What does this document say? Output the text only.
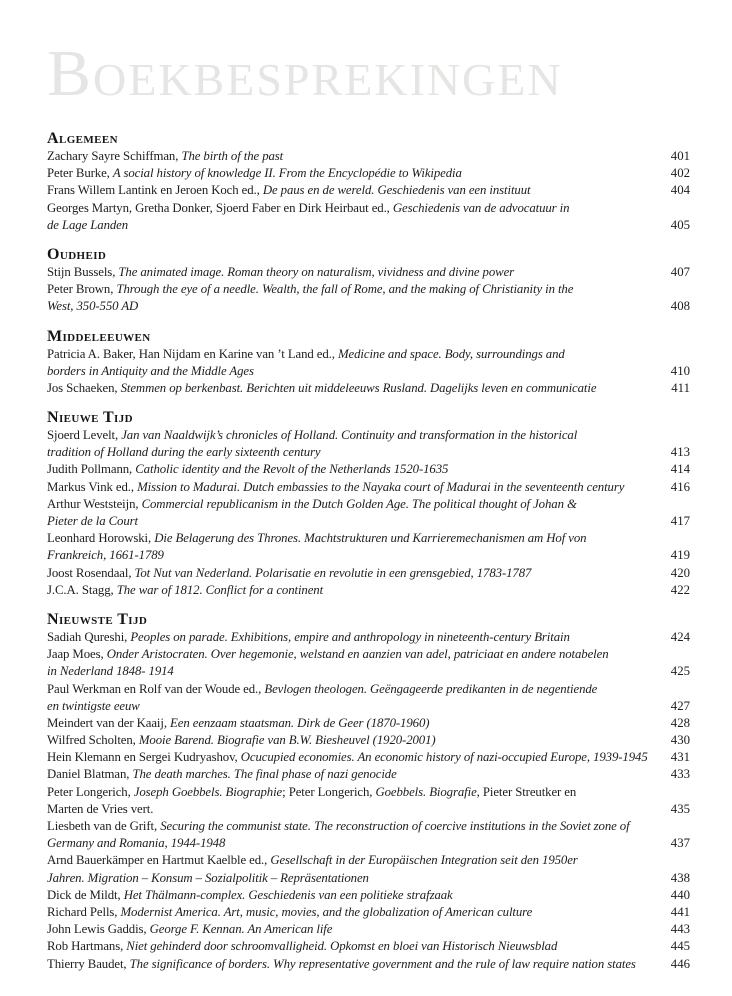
Boekbesprekingen
Algemeen
Zachary Sayre Schiffman, The birth of the past	401
Peter Burke, A social history of knowledge II. From the Encyclopédie to Wikipedia	402
Frans Willem Lantink en Jeroen Koch ed., De paus en de wereld. Geschiedenis van een instituut	404
Georges Martyn, Gretha Donker, Sjoerd Faber en Dirk Heirbaut ed., Geschiedenis van de advocatuur in
de Lage Landen	405
Oudheid
Stijn Bussels, The animated image. Roman theory on naturalism, vividness and divine power	407
Peter Brown, Through the eye of a needle. Wealth, the fall of Rome, and the making of Christianity in the
West, 350-550 AD	408
Middeleeuwen
Patricia A. Baker, Han Nijdam en Karine van ’t Land ed., Medicine and space. Body, surroundings and
borders in Antiquity and the Middle Ages	410
Jos Schaeken, Stemmen op berkenbast. Berichten uit middeleeuws Rusland. Dagelijks leven en communicatie	411
Nieuwe Tijd
Sjoerd Levelt, Jan van Naaldwijk’s chronicles of Holland. Continuity and transformation in the historical
tradition of Holland during the early sixteenth century	413
Judith Pollmann, Catholic identity and the Revolt of the Netherlands 1520-1635	414
Markus Vink ed., Mission to Madurai. Dutch embassies to the Nayaka court of Madurai in the seventeenth century	416
Arthur Weststeijn, Commercial republicanism in the Dutch Golden Age. The political thought of Johan &
Pieter de la Court	417
Leonhard Horowski, Die Belagerung des Thrones. Machtstrukturen und Karrieremechanismen am Hof von
Frankreich, 1661-1789	419
Joost Rosendaal, Tot Nut van Nederland. Polarisatie en revolutie in een grensgebied, 1783-1787	420
J.C.A. Stagg, The war of 1812. Conflict for a continent	422
Nieuwste Tijd
Sadiah Qureshi, Peoples on parade. Exhibitions, empire and anthropology in nineteenth-century Britain	424
Jaap Moes, Onder Aristocraten. Over hegemonie, welstand en aanzien van adel, patriciaat en andere notabelen
in Nederland 1848- 1914	425
Paul Werkman en Rolf van der Woude ed., Bevlogen theologen. Geëngageerde predikanten in de negentiende
en twintigste eeuw	427
Meindert van der Kaaij, Een eenzaam staatsman. Dirk de Geer (1870-1960)	428
Wilfred Scholten, Mooie Barend. Biografie van B.W. Biesheuvel (1920-2001)	430
Hein Klemann en Sergei Kudryashov, Ocucupied economies. An economic history of nazi-occupied Europe, 1939-1945	431
Daniel Blatman, The death marches. The final phase of nazi genocide	433
Peter Longerich, Joseph Goebbels. Biographie; Peter Longerich, Goebbels. Biografie, Pieter Streutker en
Marten de Vries vert.	435
Liesbeth van de Grift, Securing the communist state. The reconstruction of coercive institutions in the Soviet zone of
Germany and Romania, 1944-1948	437
Arnd Bauerkämper en Hartmut Kaelble ed., Gesellschaft in der Europäischen Integration seit den 1950er
Jahren. Migration – Konsum – Sozialpolitik – Repräsentationen	438
Dick de Mildt, Het Thälmann-complex. Geschiedenis van een politieke strafzaak	440
Richard Pells, Modernist America. Art, music, movies, and the globalization of American culture	441
John Lewis Gaddis, George F. Kennan. An American life	443
Rob Hartmans, Niet gehinderd door schroomvalligheid. Opkomst en bloei van Historisch Nieuwsblad	445
Thierry Baudet, The significance of borders. Why representative government and the rule of law require nation states	446
